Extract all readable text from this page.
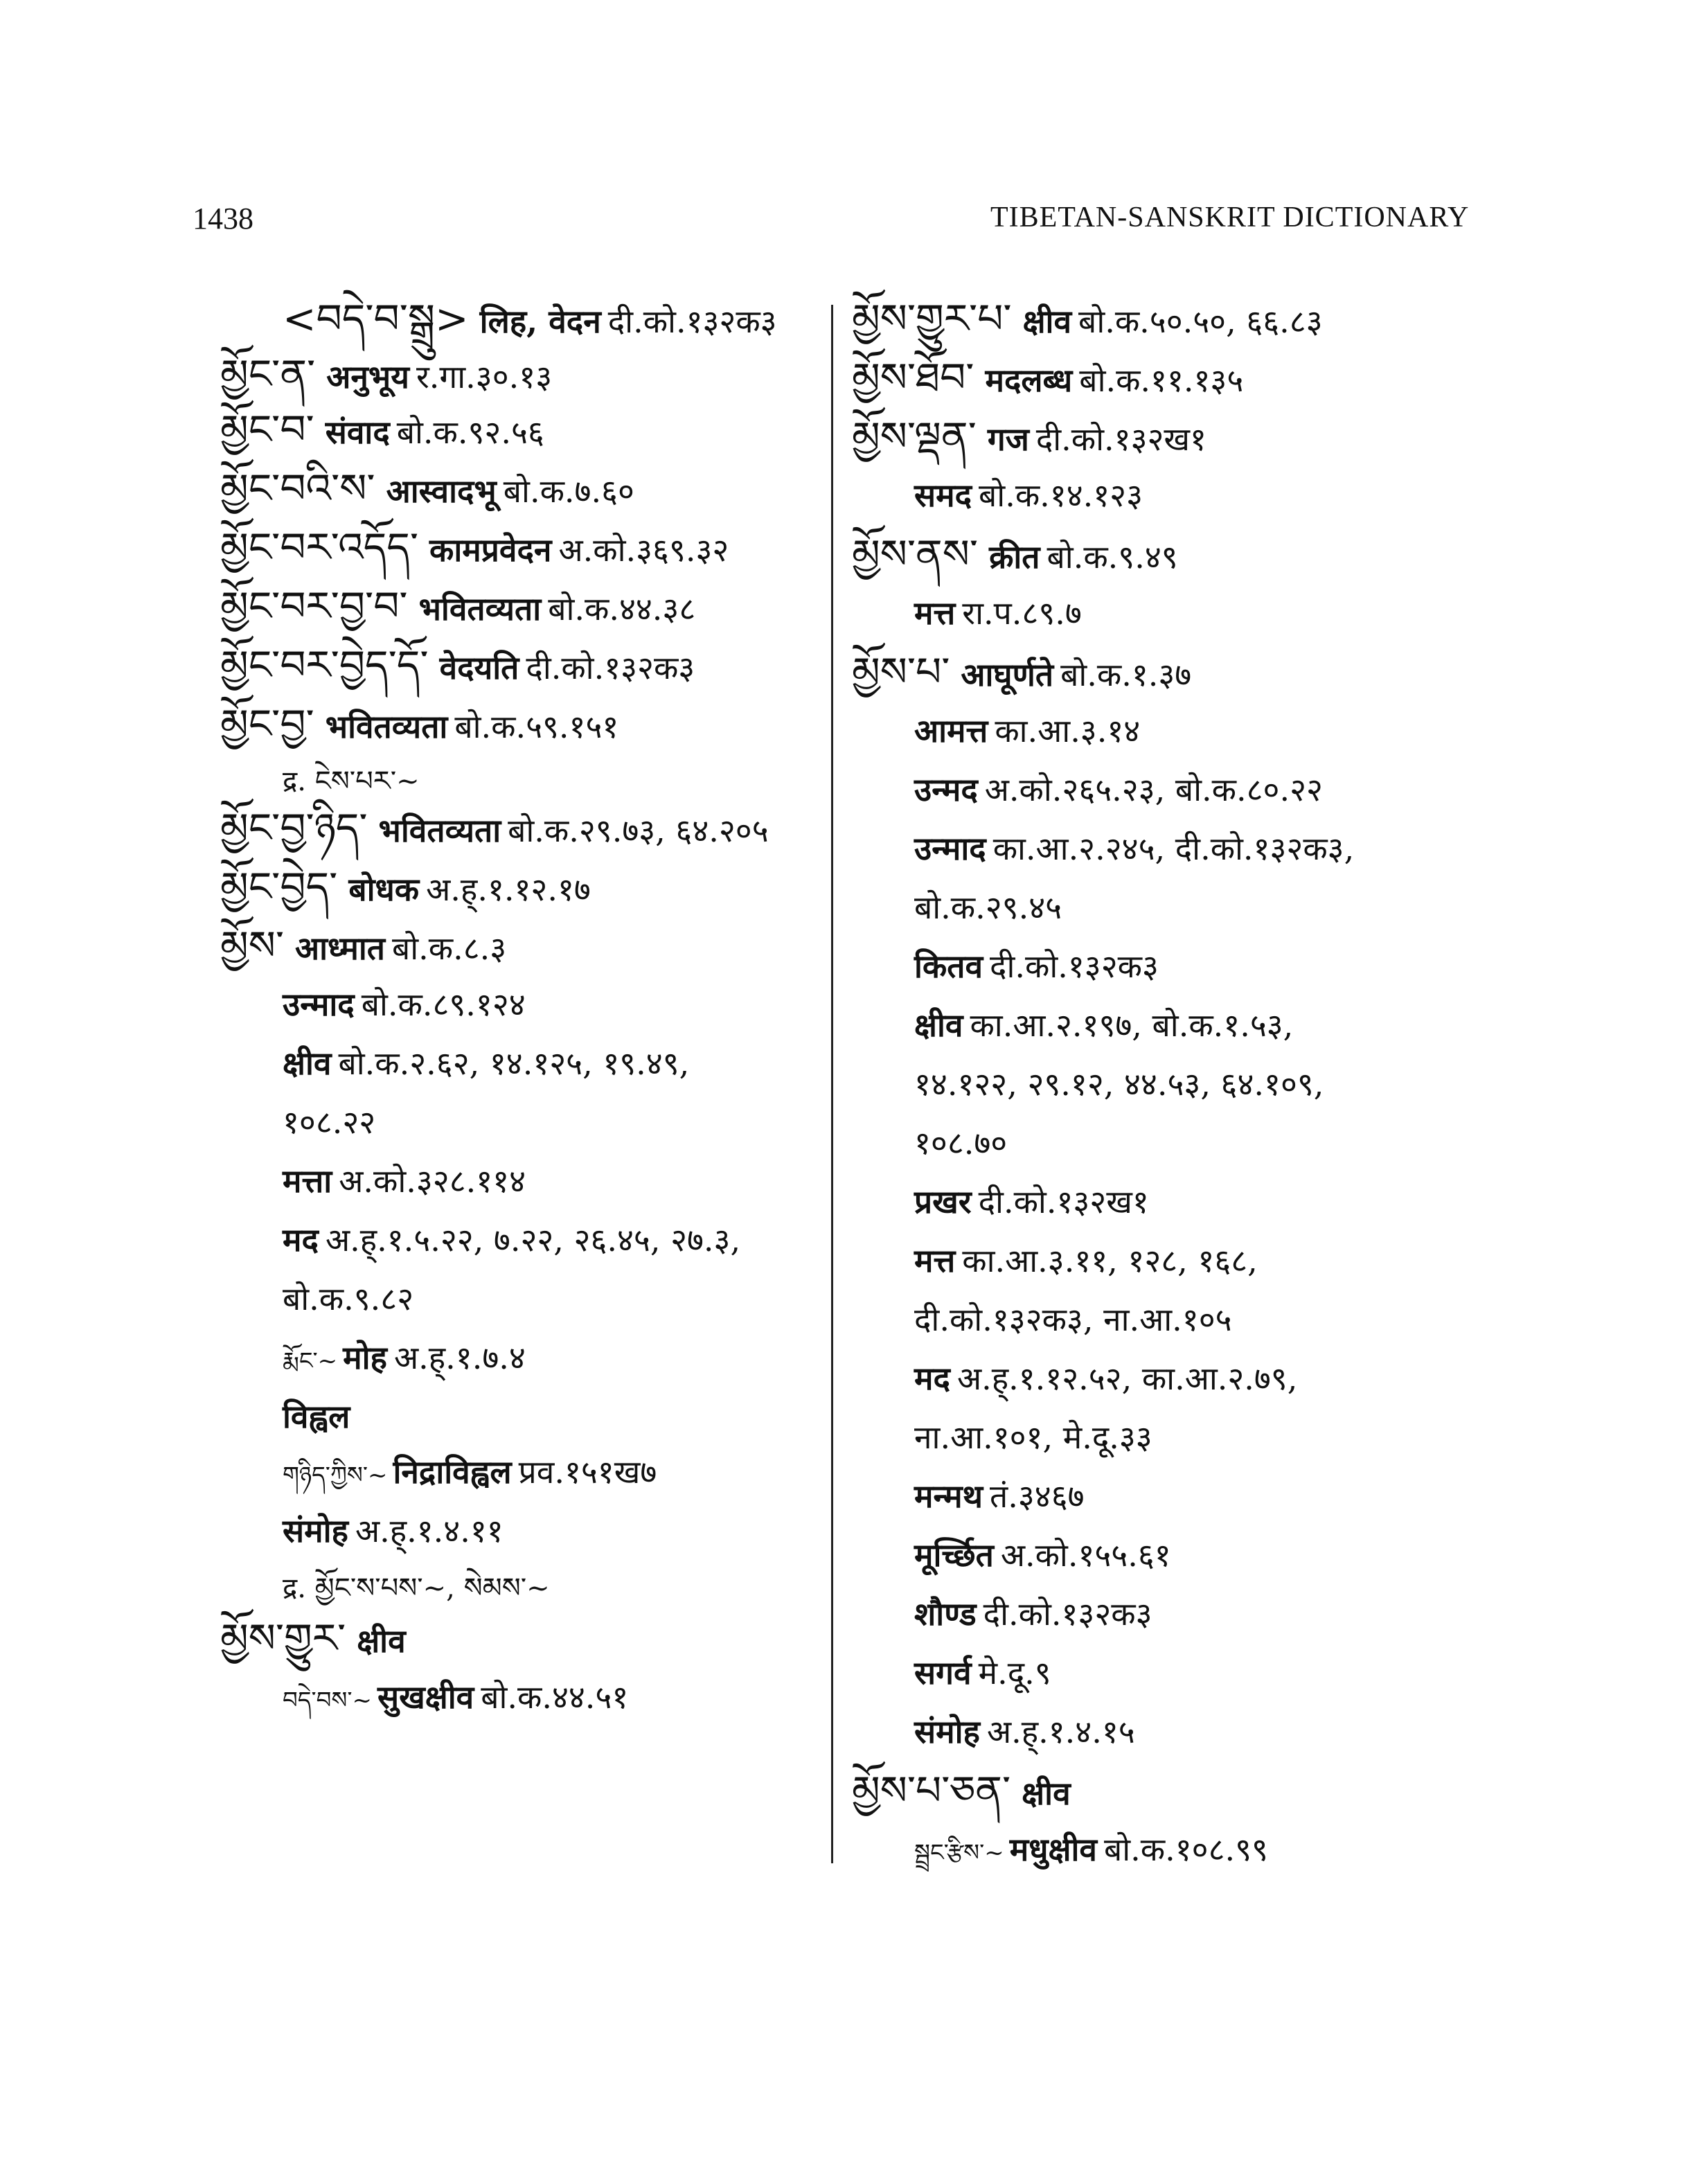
1438	TIBETAN-SANSKRIT DICTIONARY
<བདེ་བ་སྒྲུ> लिह, वेदन दी.को.१३२क३
མྱོང་ན་ अनुभूय र.गा.३०.१३
མྱོང་བ་ संवाद बो.क.९२.५६
མྱོང་བའི་ས་ आस्वादभू बो.क.७.६०
མྱོང་བར་འདོད་ कामप्रवेदन अ.को.३६९.३२
མྱོང་བར་བྱ་བ་ भवितव्यता बो.क.४४.३८
མྱོང་བར་བྱེད་དོ་ वेदयति दी.को.१३२क३
མྱོང་བྱ་ भवितव्यता बो.क.५९.१५१
द्र. ངེས་པར་~
མྱོང་བྱ་ཉིད་ भवितव्यता बो.क.२९.७३, ६४.२०५
མྱོང་བྱེད་ बोधक अ.ह्.१.१२.१७
མྱོས་ आध्मात बो.क.८.३
उन्माद बो.क.८९.१२४
क्षीव बो.क.२.६२, १४.१२५, १९.४९,
१०८.२२
मत्ता अ.को.३२८.११४
मद अ.ह्.१.५.२२, ७.२२, २६.४५, २७.३,
बो.क.९.८२
རྨོང་~ मोह अ.ह्.१.७.४
विह्वल
གཉིད་ཀྱིས་~ निद्राविह्वल प्रव.१५१ख७
संमोह अ.ह्.१.४.११
द्र. མྱོང་ས་པས་~, སེམས་~
མྱོས་གྱུར་ क्षीव
བདེ་བས་~ सुखक्षीव बो.क.४४.५१
མྱོས་གྱུར་པ་ क्षीव बो.क.५०.५०, ६६.८३
མྱོས་ཐོབ་ मदलब्ध बो.क.११.१३५
མྱོས་ལྡན་ गज दी.को.१३२ख१
समद बो.क.१४.१२३
མྱོས་ནས་ क्रीत बो.क.९.४९
मत्त रा.प.८९.७
མྱོས་པ་ आघूर्णते बो.क.१.३७
आमत्त का.आ.३.१४
उन्मद अ.को.२६५.२३, बो.क.८०.२२
उन्माद का.आ.२.२४५, दी.को.१३२क३,
बो.क.२९.४५
कितव दी.को.१३२क३
क्षीव का.आ.२.१९७, बो.क.१.५३,
१४.१२२, २९.१२, ४४.५३, ६४.१०९,
१०८.७०
प्रखर दी.को.१३२ख१
मत्त का.आ.३.११, १२८, १६८,
दी.को.१३२क३, ना.आ.१०५
मद अ.ह्.१.१२.५२, का.आ.२.७९,
ना.आ.१०१, मे.दू.३३
मन्मथ तं.३४६७
मूर्च्छित अ.को.१५५.६१
शौण्ड दी.को.१३२क३
सगर्व मे.दू.९
संमोह अ.ह्.१.४.१५
མྱོས་པ་ཅན་ क्षीव
སྦྲང་རྩིས་~ मधुक्षीव बो.क.१०८.९९
